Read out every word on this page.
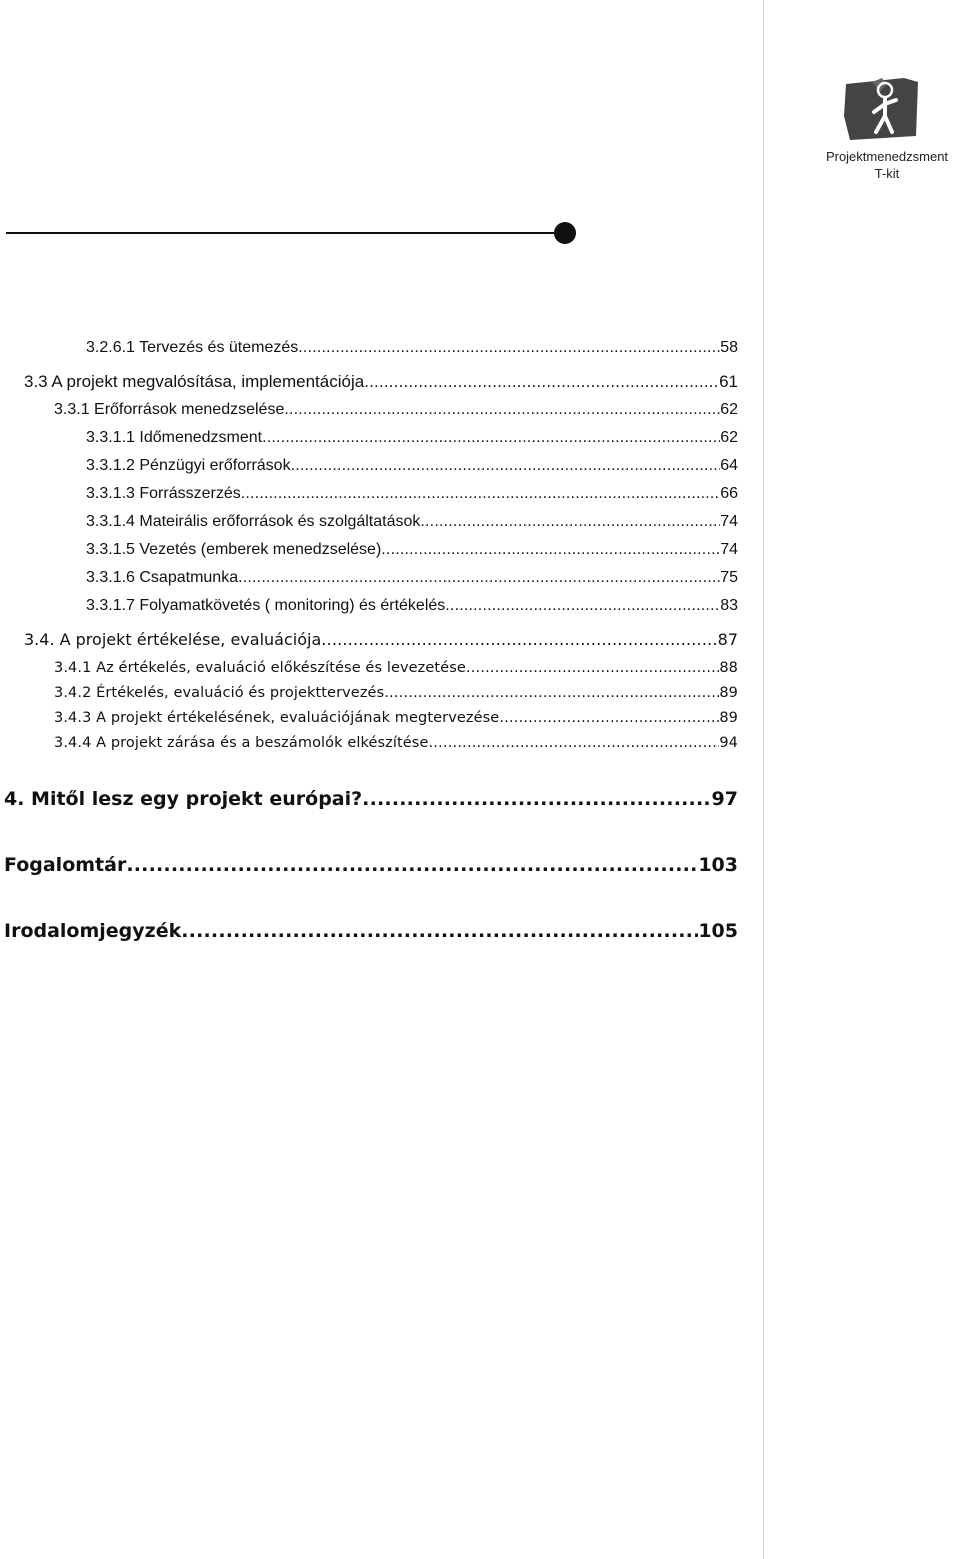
Projektmenedzsment
T-kit
3.2.6.1 Tervezés és ütemezés .....	58
3.3 A projekt megvalósítása, implementációja .....	61
3.3.1 Erőforrások menedzselése .....	62
3.3.1.1 Időmenedzsment .....	62
3.3.1.2 Pénzügyi erőforrások .....	64
3.3.1.3 Forrásszerzés .....	66
3.3.1.4 Mateirális erőforrások és szolgáltatások .....	74
3.3.1.5 Vezetés (emberek menedzselése) .....	74
3.3.1.6 Csapatmunka .....	75
3.3.1.7 Folyamatkövetés ( monitoring) és értékelés .....	83
3.4. A projekt értékelése, evaluációja .....	87
3.4.1 Az értékelés, evaluáció előkészítése és levezetése .....	88
3.4.2 Értékelés, evaluáció és projekttervezés .....	89
3.4.3 A projekt értékelésének, evaluációjának megtervezése .....	89
3.4.4 A projekt zárása és a beszámolók elkészítése .....	94
4. Mitől lesz egy projekt európai? .....	97
Fogalomtár .....	103
Irodalomjegyzék .....	105
